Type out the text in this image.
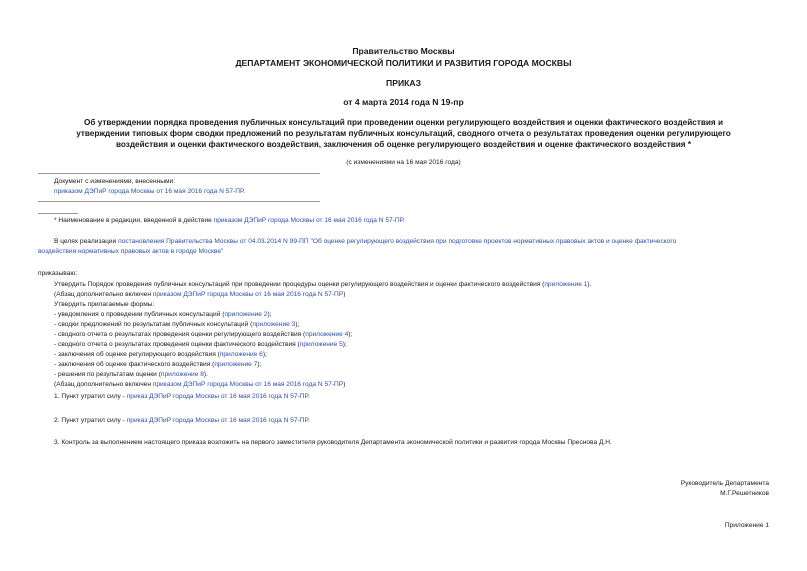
Правительство Москвы
ДЕПАРТАМЕНТ ЭКОНОМИЧЕСКОЙ ПОЛИТИКИ И РАЗВИТИЯ ГОРОДА МОСКВЫ
ПРИКАЗ
от 4 марта 2014 года N 19-пр
Об утверждении порядка проведения публичных консультаций при проведении оценки регулирующего воздействия и оценки фактического воздействия и
утверждении типовых форм сводки предложений по результатам публичных консультаций, сводного отчета о результатах проведения оценки регулирующего
воздействия и оценки фактического воздействия, заключения об оценке регулирующего воздействия и оценке фактического воздействия *
(с изменениями на 16 мая 2016 года)
Документ с изменениями, внесенными:
приказом ДЭПиР города Москвы от 16 мая 2016 года N 57-ПР.
* Наименование в редакции, введенной в действие приказом ДЭПиР города Москвы от 16 мая 2016 года N 57-ПР.
В целях реализации постановления Правительства Москвы от 04.03.2014 N 99-ПП "Об оценке регулирующего воздействия при подготовке проектов нормативных правовых актов и оценке фактического
воздействия нормативных правовых актов в городе Москве"
приказываю:
Утвердить Порядок проведения публичных консультаций при проведении процедуры оценки регулирующего воздействия и оценки фактического воздействия (приложение 1).
(Абзац дополнительно включен приказом ДЭПиР города Москвы от 16 мая 2016 года N 57-ПР)
Утвердить прилагаемые формы:
- уведомления о проведении публичных консультаций (приложение 2);
- сводки предложений по результатам публичных консультаций (приложение 3);
- сводного отчета о результатах проведения оценки регулирующего воздействия (приложение 4);
- сводного отчета о результатах проведения оценки фактического воздействия (приложение 5);
- заключения об оценке регулирующего воздействия (приложение 6);
- заключения об оценке фактического воздействия (приложение 7);
- решения по результатам оценки (приложение 8).
(Абзац дополнительно включен приказом ДЭПиР города Москвы от 16 мая 2016 года N 57-ПР)
1. Пункт утратил силу - приказ ДЭПиР города Москвы от 16 мая 2016 года N 57-ПР.
2. Пункт утратил силу - приказ ДЭПиР города Москвы от 16 мая 2016 года N 57-ПР.
3. Контроль за выполнением настоящего приказа возложить на первого заместителя руководителя Департамента экономической политики и развития города Москвы Преснова Д.Н.
Руководитель Департамента
М.Г.Решетников
Приложение 1
